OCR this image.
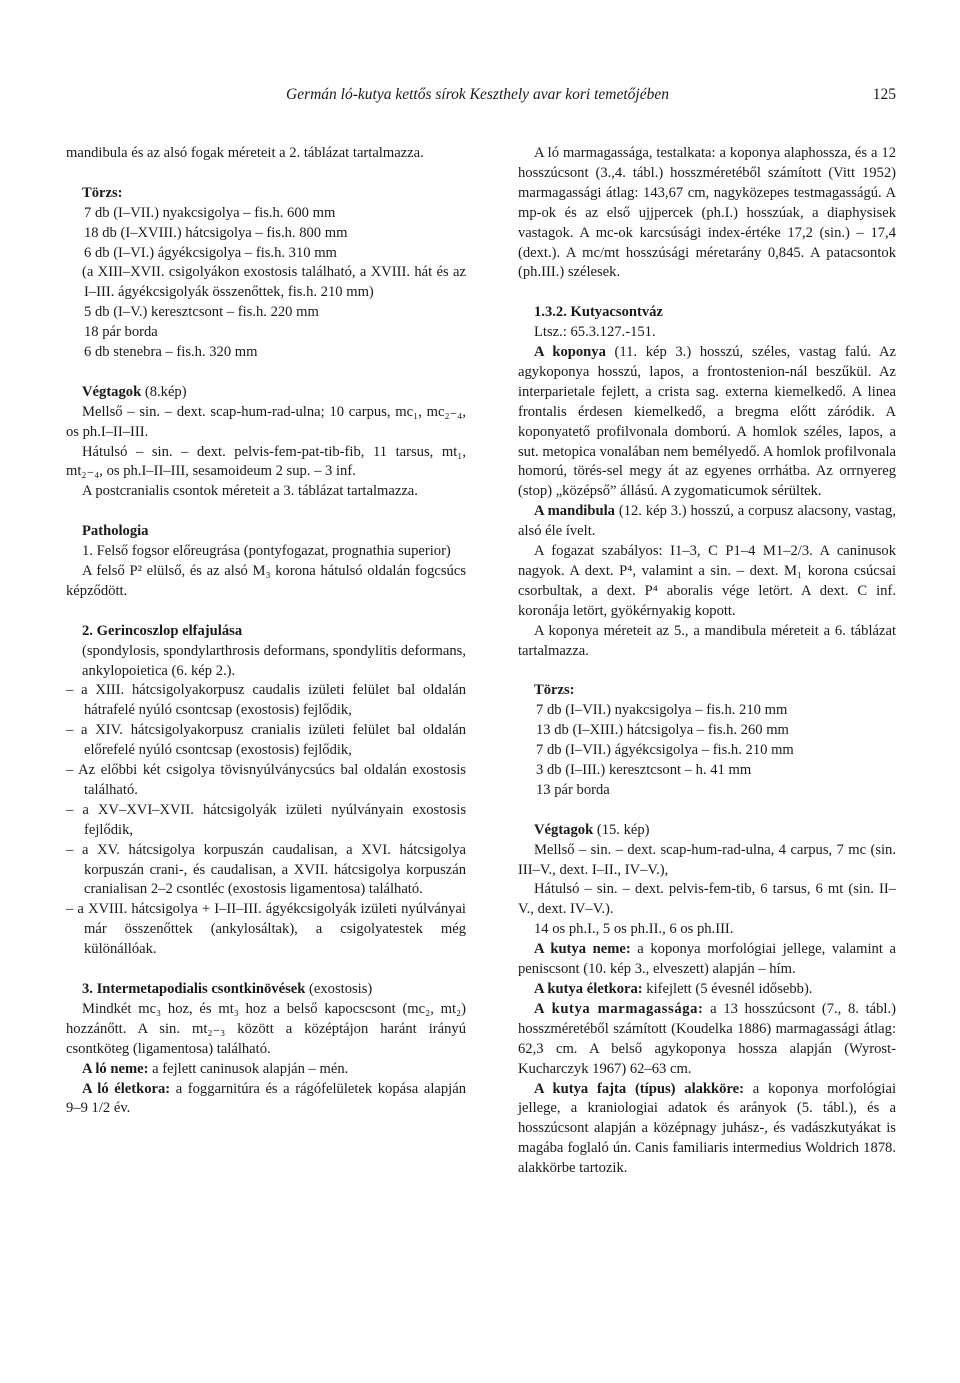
Germán ló-kutya kettős sírok Keszthely avar kori temetőjében	125

mandibula és az alsó fogak méreteit a 2. táblázat tartalmazza.

Törzs:

7 db (I–VII.) nyakcsigolya – fis.h. 600 mm

18 db (I–XVIII.) hátcsigolya – fis.h. 800 mm

6 db (I–VI.) ágyékcsigolya – fis.h. 310 mm

(a XIII–XVII. csigolyákon exostosis található, a XVIII. hát és az I–III. ágyékcsigolyák összenőttek, fis.h. 210 mm)

5 db (I–V.) keresztcsont – fis.h. 220 mm

18 pár borda

6 db stenebra – fis.h. 320 mm

Végtagok (8.kép)

Mellső – sin. – dext. scap-hum-rad-ulna; 10 carpus, mc₁, mc₂₋₄, os ph.I–II–III.

Hátulsó – sin. – dext. pelvis-fem-pat-tib-fib, 11 tarsus, mt₁, mt₂₋₄, os ph.I–II–III, sesamoideum 2 sup. – 3 inf.

A postcranialis csontok méreteit a 3. táblázat tartalmazza.

Pathologia

1. Felső fogsor előreugrása (pontyfogazat, prognathia superior)

A felső P² elülső, és az alsó M₃ korona hátulsó oldalán fogcsúcs képződött.

2. Gerincoszlop elfajulása

(spondylosis, spondylarthrosis deformans, spondylitis deformans, ankylopoietica (6. kép 2.).

– a XIII. hátcsigolyakorpusz caudalis izületi felület bal oldalán hátrafelé nyúló csontcsap (exostosis) fejlődik,

– a XIV. hátcsigolyakorpusz cranialis izületi felület bal oldalán előrefelé nyúló csontcsap (exostosis) fejlődik,

– Az előbbi két csigolya tövisnyúlványcsúcs bal oldalán exostosis található.

– a XV–XVI–XVII. hátcsigolyák izületi nyúlványain exostosis fejlődik,

– a XV. hátcsigolya korpuszán caudalisan, a XVI. hátcsigolya korpuszán crani-, és caudalisan, a XVII. hátcsigolya korpuszán cranialisan 2–2 csontléc (exostosis ligamentosa) található.

– a XVIII. hátcsigolya + I–II–III. ágyékcsigolyák izületi nyúlványai már összenőttek (ankylosáltak), a csigolyatestek még különállóak.

3. Intermetapodialis csontkinövések (exostosis)

Mindkét mc₃ hoz, és mt₃ hoz a belső kapocscsont (mc₂, mt₂) hozzánőtt. A sin. mt₂₋₃ között a középtájon haránt irányú csontköteg (ligamentosa) található.

A ló neme: a fejlett caninusok alapján – mén.

A ló életkora: a foggarnitúra és a rágófelületek kopása alapján 9–9 1/2 év.

A ló marmagassága, testalkata: a koponya alaphossza, és a 12 hosszúcsont (3.,4. tábl.) hosszméretéből számított (Vitt 1952) marmagassági átlag: 143,67 cm, nagyközepes testmagasságú. A mp-ok és az első ujjpercek (ph.I.) hosszúak, a diaphysisek vastagok. A mc-ok karcsúsági index-értéke 17,2 (sin.) – 17,4 (dext.). A mc/mt hosszúsági méretarány 0,845. A patacsontok (ph.III.) szélesek.

1.3.2. Kutyacsontváz

Ltsz.: 65.3.127.-151.

A koponya (11. kép 3.) hosszú, széles, vastag falú. Az agykoponya hosszú, lapos, a frontostenion-nál beszűkül. Az interparietale fejlett, a crista sag. externa kiemelkedő. A linea frontalis érdesen kiemelkedő, a bregma előtt záródik. A koponyatető profilvonala domború. A homlok széles, lapos, a sut. metopica vonalában nem bemélyedő. A homlok profilvonala homorú, törés-sel megy át az egyenes orrhátba. Az orrnyereg (stop) „középső” állású. A zygomaticumok sérültek.

A mandibula (12. kép 3.) hosszú, a corpusz alacsony, vastag, alsó éle ívelt.

A fogazat szabályos: I1–3, C P1–4 M1–2/3. A caninusok nagyok. A dext. P⁴, valamint a sin. – dext. M₁ korona csúcsai csorbultak, a dext. P⁴ aboralis vége letört. A dext. C inf. koronája letört, gyökérnyakig kopott.

A koponya méreteit az 5., a mandibula méreteit a 6. táblázat tartalmazza.

Törzs:

7 db (I–VII.) nyakcsigolya – fis.h. 210 mm

13 db (I–XIII.) hátcsigolya – fis.h. 260 mm

7 db (I–VII.) ágyékcsigolya – fis.h. 210 mm

3 db (I–III.) keresztcsont – h. 41 mm

13 pár borda

Végtagok (15. kép)

Mellső – sin. – dext. scap-hum-rad-ulna, 4 carpus, 7 mc (sin. III–V., dext. I–II., IV–V.),

Hátulsó – sin. – dext. pelvis-fem-tib, 6 tarsus, 6 mt (sin. II–V., dext. IV–V.).

14 os ph.I., 5 os ph.II., 6 os ph.III.

A kutya neme: a koponya morfológiai jellege, valamint a peniscsont (10. kép 3., elveszett) alapján – hím.

A kutya életkora: kifejlett (5 évesnél idősebb).

A kutya marmagassága: a 13 hosszúcsont (7., 8. tábl.) hosszméretéből számított (Koudelka 1886) marmagassági átlag: 62,3 cm. A belső agykoponya hossza alapján (Wyrost-Kucharczyk 1967) 62–63 cm.

A kutya fajta (típus) alakköre: a koponya morfológiai jellege, a kraniologiai adatok és arányok (5. tábl.), és a hosszúcsont alapján a középnagy juhász-, és vadászkutyákat is magába foglaló ún. Canis familiaris intermedius Woldrich 1878. alakkörbe tartozik.
